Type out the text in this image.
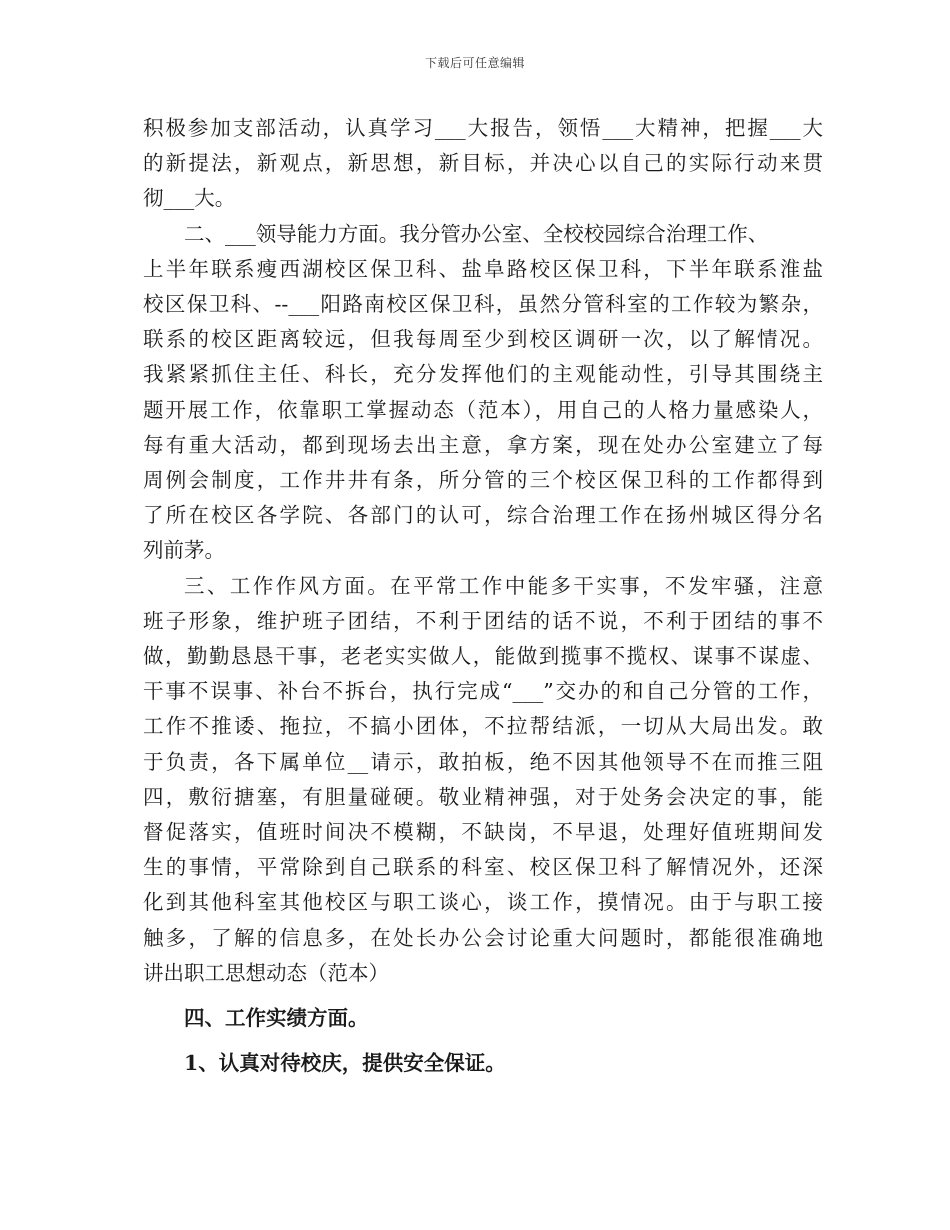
下载后可任意编辑

积极参加支部活动，认真学习___大报告，领悟___大精神，把握___大
的新提法，新观点，新思想，新目标，并决心以自己的实际行动来贯
彻___大。

二、___领导能力方面。我分管办公室、全校校园综合治理工作、
上半年联系瘦西湖校区保卫科、盐阜路校区保卫科，下半年联系淮盐
校区保卫科、--___阳路南校区保卫科，虽然分管科室的工作较为繁杂，
联系的校区距离较远，但我每周至少到校区调研一次，以了解情况。
我紧紧抓住主任、科长，充分发挥他们的主观能动性，引导其围绕主
题开展工作，依靠职工掌握动态（范本），用自己的人格力量感染人，
每有重大活动，都到现场去出主意，拿方案，现在处办公室建立了每
周例会制度，工作井井有条，所分管的三个校区保卫科的工作都得到
了所在校区各学院、各部门的认可，综合治理工作在扬州城区得分名
列前茅。

三、工作作风方面。在平常工作中能多干实事，不发牢骚，注意
班子形象，维护班子团结，不利于团结的话不说，不利于团结的事不
做，勤勤恳恳干事，老老实实做人，能做到揽事不揽权、谋事不谋虚、
干事不误事、补台不拆台，执行完成“___”交办的和自己分管的工作，
工作不推诿、拖拉，不搞小团体，不拉帮结派，一切从大局出发。敢
于负责，各下属单位__请示，敢拍板，绝不因其他领导不在而推三阻
四，敷衍搪塞，有胆量碰硬。敬业精神强，对于处务会决定的事，能
督促落实，值班时间决不模糊，不缺岗，不早退，处理好值班期间发
生的事情，平常除到自己联系的科室、校区保卫科了解情况外，还深
化到其他科室其他校区与职工谈心，谈工作，摸情况。由于与职工接
触多，了解的信息多，在处长办公会讨论重大问题时，都能很准确地
讲出职工思想动态（范本）

四、工作实绩方面。

1、认真对待校庆，提供安全保证。
